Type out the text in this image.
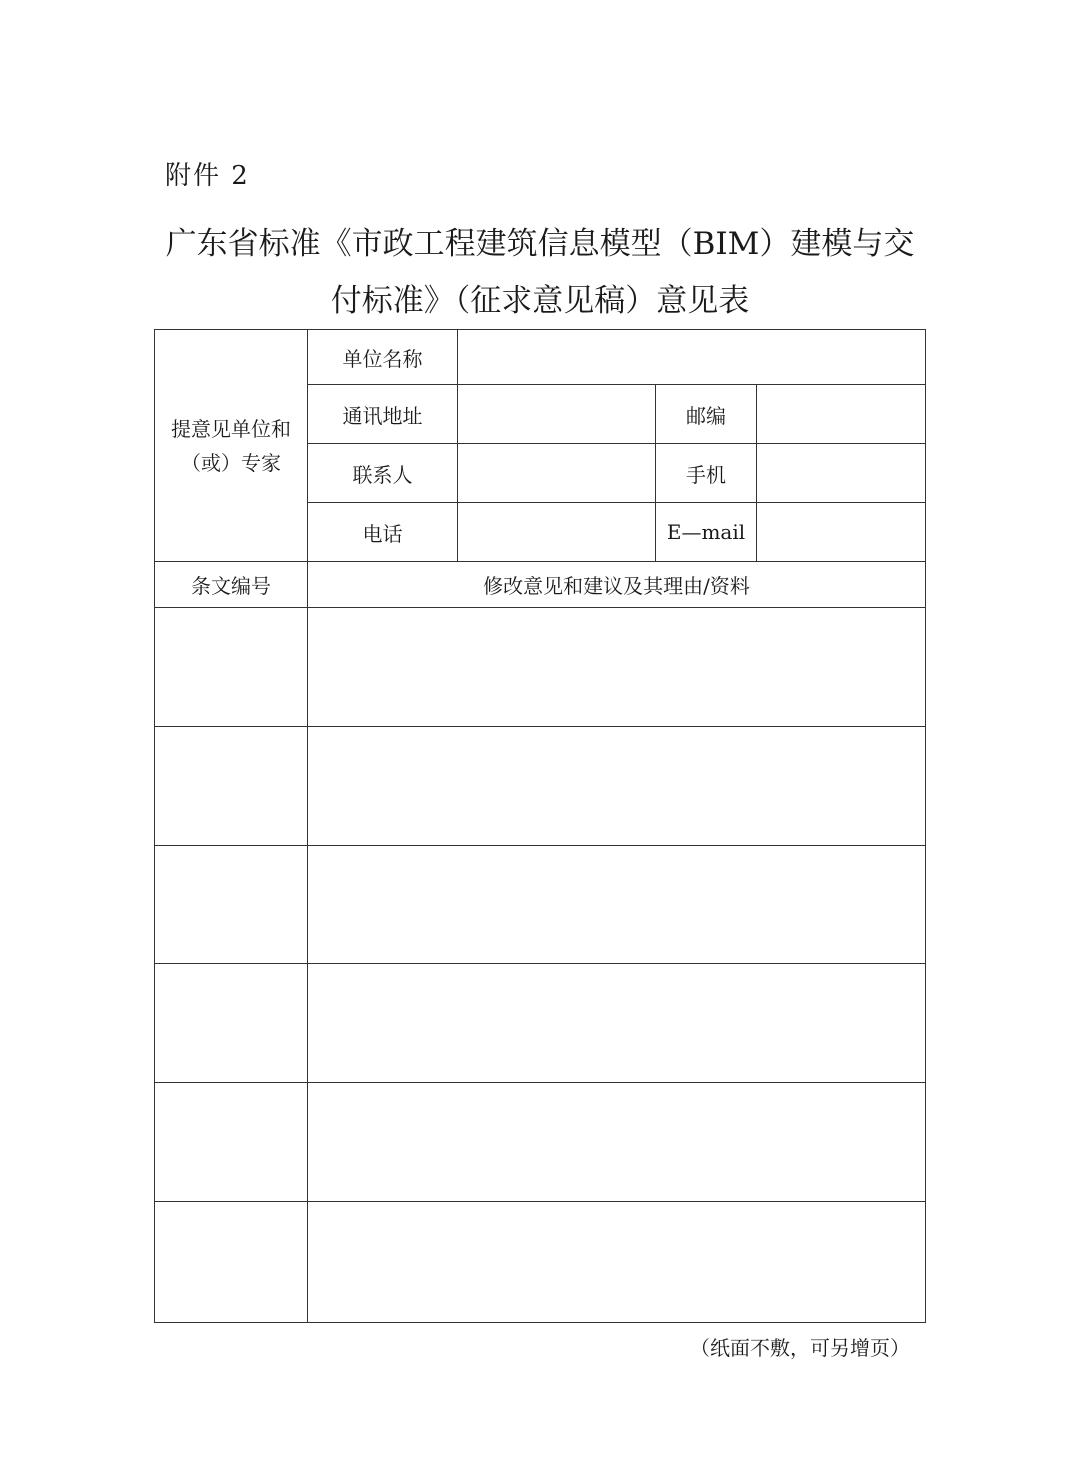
附件 2
广东省标准《市政工程建筑信息模型（BIM）建模与交
付标准》（征求意见稿）意见表
提意见单位和
（或）专家	单位名称			
	通讯地址		邮编	
	联系人		手机	
	电话		E—mail	
条文编号	修改意见和建议及其理由/资料			

（纸面不敷，可另增页）
